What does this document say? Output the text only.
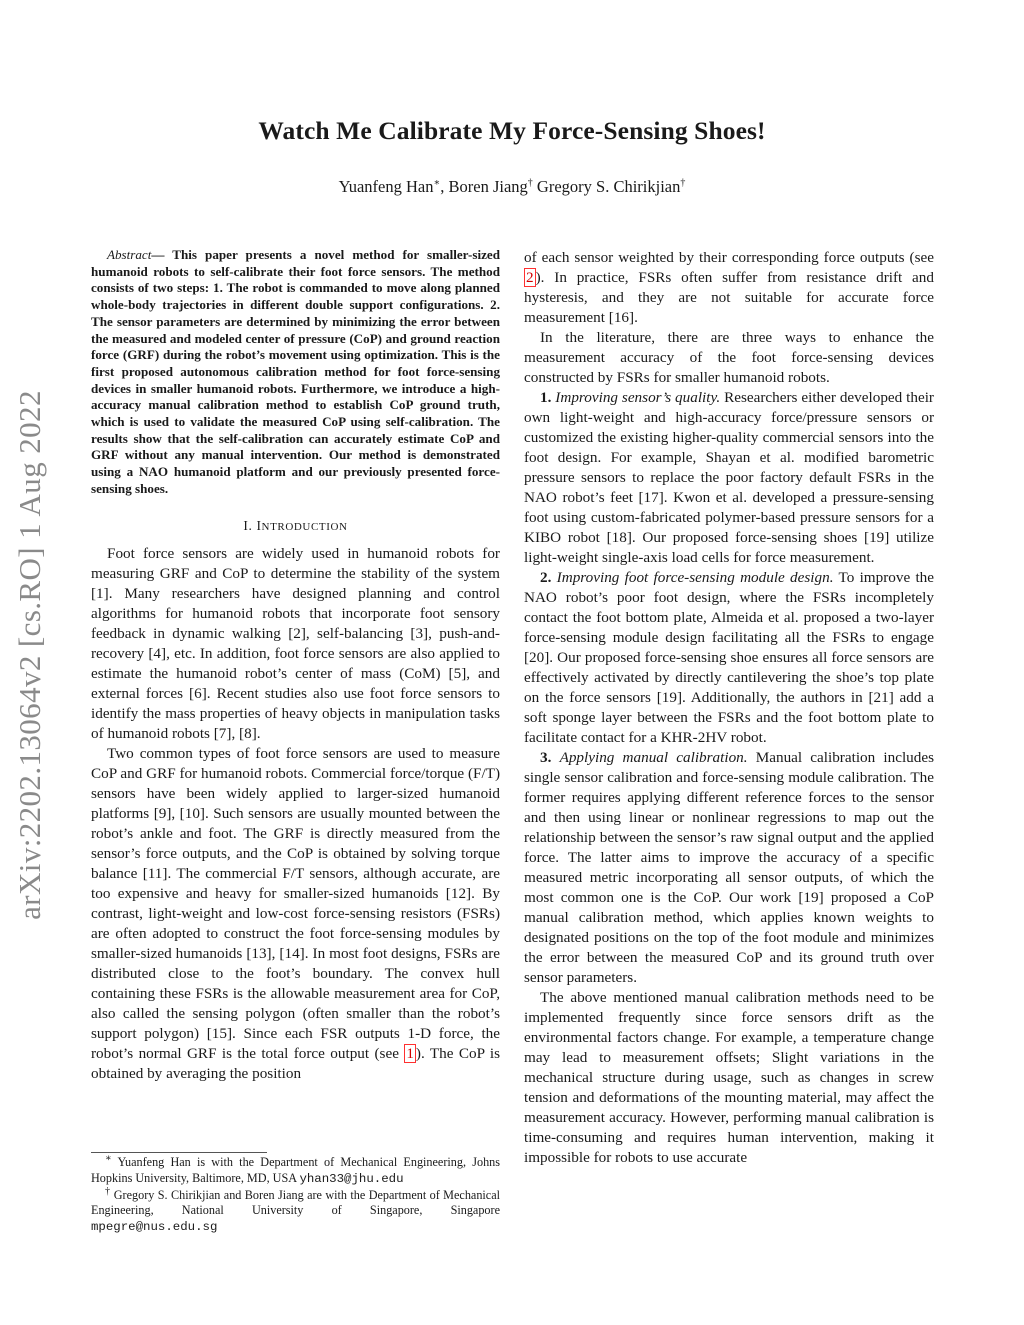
arXiv:2202.13064v2 [cs.RO] 1 Aug 2022
Watch Me Calibrate My Force-Sensing Shoes!
Yuanfeng Han∗, Boren Jiang† Gregory S. Chirikjian†

Abstract— This paper presents a novel method for smaller-sized humanoid robots to self-calibrate their foot force sensors. The method consists of two steps: 1. The robot is commanded to move along planned whole-body trajectories in different double support configurations. 2. The sensor parameters are determined by minimizing the error between the measured and modeled center of pressure (CoP) and ground reaction force (GRF) during the robot’s movement using optimization. This is the first proposed autonomous calibration method for foot force-sensing devices in smaller humanoid robots. Furthermore, we introduce a high-accuracy manual calibration method to establish CoP ground truth, which is used to validate the measured CoP using self-calibration. The results show that the self-calibration can accurately estimate CoP and GRF without any manual intervention. Our method is demonstrated using a NAO humanoid platform and our previously presented force-sensing shoes.

I. INTRODUCTION

Foot force sensors are widely used in humanoid robots for measuring GRF and CoP to determine the stability of the system [1]. Many researchers have designed planning and control algorithms for humanoid robots that incorporate foot sensory feedback in dynamic walking [2], self-balancing [3], push-and-recovery [4], etc. In addition, foot force sensors are also applied to estimate the humanoid robot’s center of mass (CoM) [5], and external forces [6]. Recent studies also use foot force sensors to identify the mass properties of heavy objects in manipulation tasks of humanoid robots [7], [8].

Two common types of foot force sensors are used to measure CoP and GRF for humanoid robots. Commercial force/torque (F/T) sensors have been widely applied to larger-sized humanoid platforms [9], [10]. Such sensors are usually mounted between the robot’s ankle and foot. The GRF is directly measured from the sensor’s force outputs, and the CoP is obtained by solving torque balance [11]. The commercial F/T sensors, although accurate, are too expensive and heavy for smaller-sized humanoids [12]. By contrast, light-weight and low-cost force-sensing resistors (FSRs) are often adopted to construct the foot force-sensing modules by smaller-sized humanoids [13], [14]. In most foot designs, FSRs are distributed close to the foot’s boundary. The convex hull containing these FSRs is the allowable measurement area for CoP, also called the sensing polygon (often smaller than the robot’s support polygon) [15]. Since each FSR outputs 1-D force, the robot’s normal GRF is the total force output (see 1 ). The CoP is obtained by averaging the position

∗ Yuanfeng Han is with the Department of Mechanical Engineering, Johns Hopkins University, Baltimore, MD, USA yhan33@jhu.edu

† Gregory S. Chirikjian and Boren Jiang are with the Department of Mechanical Engineering, National University of Singapore, Singapore mpegre@nus.edu.sg

of each sensor weighted by their corresponding force outputs (see 2 ). In practice, FSRs often suffer from resistance drift and hysteresis, and they are not suitable for accurate force measurement [16].

In the literature, there are three ways to enhance the measurement accuracy of the foot force-sensing devices constructed by FSRs for smaller humanoid robots.

1. Improving sensor’s quality. Researchers either developed their own light-weight and high-accuracy force/pressure sensors or customized the existing higher-quality commercial sensors into the foot design. For example, Shayan et al. modified barometric pressure sensors to replace the poor factory default FSRs in the NAO robot’s feet [17]. Kwon et al. developed a pressure-sensing foot using custom-fabricated polymer-based pressure sensors for a KIBO robot [18]. Our proposed force-sensing shoes [19] utilize light-weight single-axis load cells for force measurement.

2. Improving foot force-sensing module design. To improve the NAO robot’s poor foot design, where the FSRs incompletely contact the foot bottom plate, Almeida et al. proposed a two-layer force-sensing module design facilitating all the FSRs to engage [20]. Our proposed force-sensing shoe ensures all force sensors are effectively activated by directly cantilevering the shoe’s top plate on the force sensors [19]. Additionally, the authors in [21] add a soft sponge layer between the FSRs and the foot bottom plate to facilitate contact for a KHR-2HV robot.

3. Applying manual calibration. Manual calibration includes single sensor calibration and force-sensing module calibration. The former requires applying different reference forces to the sensor and then using linear or nonlinear regressions to map out the relationship between the sensor’s raw signal output and the applied force. The latter aims to improve the accuracy of a specific measured metric incorporating all sensor outputs, of which the most common one is the CoP. Our work [19] proposed a CoP manual calibration method, which applies known weights to designated positions on the top of the foot module and minimizes the error between the measured CoP and its ground truth over sensor parameters.

The above mentioned manual calibration methods need to be implemented frequently since force sensors drift as the environmental factors change. For example, a temperature change may lead to measurement offsets; Slight variations in the mechanical structure during usage, such as changes in screw tension and deformations of the mounting material, may affect the measurement accuracy. However, performing manual calibration is time-consuming and requires human intervention, making it impossible for robots to use accurate
